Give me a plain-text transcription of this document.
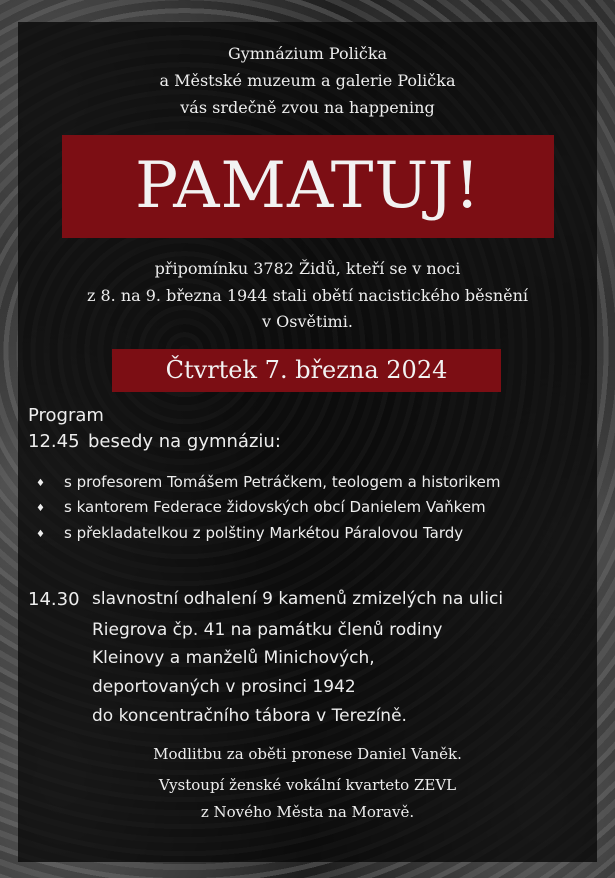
Gymnázium Polička
a Městské muzeum a galerie Polička
vás srdečně zvou na happening
PAMATUJ!
připomínku 3782 Židů, kteří se v noci
z 8. na 9. března 1944 stali obětí nacistického běsnění
v Osvětimi.
Čtvrtek 7. března 2024
Program
12.45 besedy na gymnáziu:
♦ s profesorem Tomášem Petráčkem, teologem a historikem
♦ s kantorem Federace židovských obcí Danielem Vaňkem
♦ s překladatelkou z polštiny Markétou Páralovou Tardy
14.30 slavnostní odhalení 9 kamenů zmizelých na ulici
Riegrova čp. 41 na památku členů rodiny
Kleinovy a manželů Minichových,
deportovaných v prosinci 1942
do koncentračního tábora v Terezíně.
Modlitbu za oběti pronese Daniel Vaněk.
Vystoupí ženské vokální kvarteto ZEVL
z Nového Města na Moravě.
